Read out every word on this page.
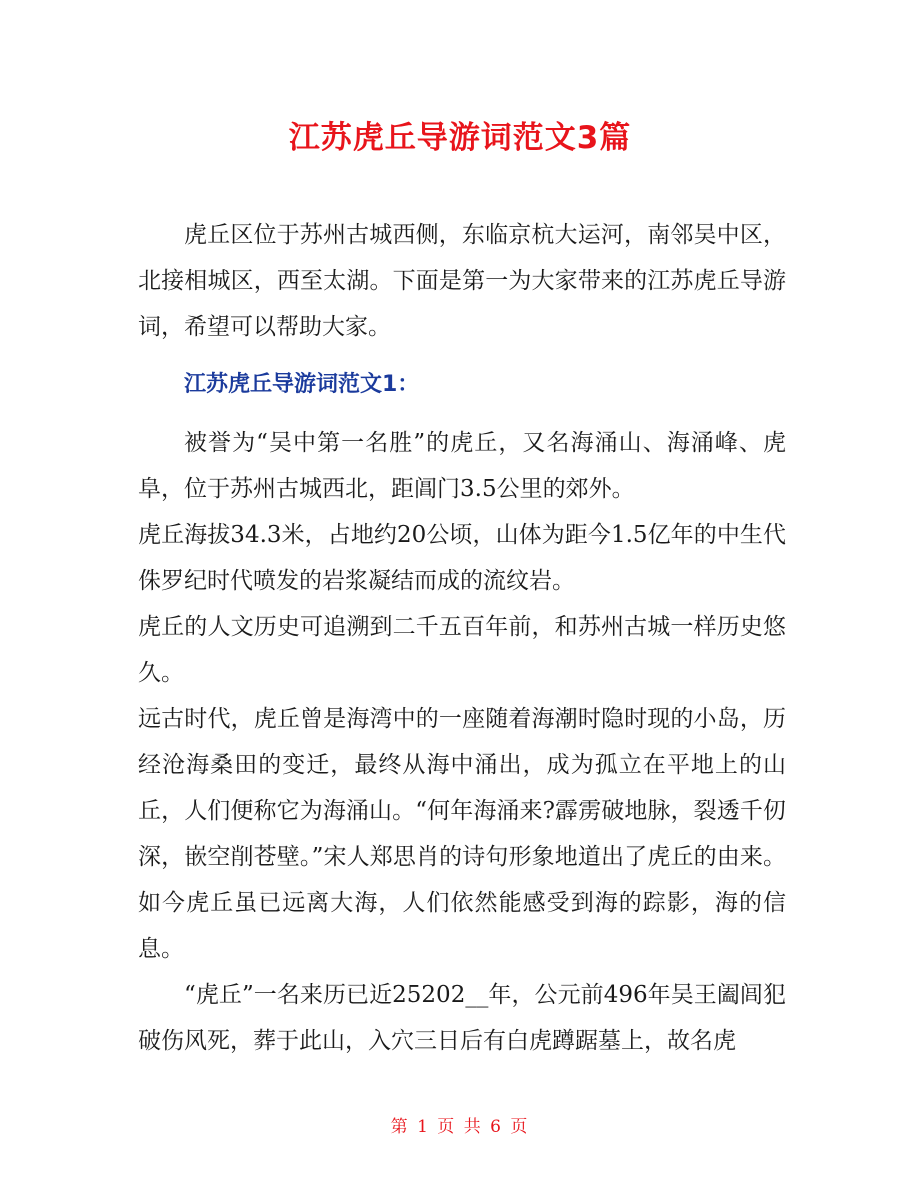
江苏虎丘导游词范文3篇

虎丘区位于苏州古城西侧，东临京杭大运河，南邻吴中区，北接相城区，西至太湖。下面是第一为大家带来的江苏虎丘导游词，希望可以帮助大家。

江苏虎丘导游词范文1：

被誉为“吴中第一名胜”的虎丘，又名海涌山、海涌峰、虎阜，位于苏州古城西北，距阊门3.5公里的郊外。

虎丘海拔34.3米，占地约20公顷，山体为距今1.5亿年的中生代侏罗纪时代喷发的岩浆凝结而成的流纹岩。

虎丘的人文历史可追溯到二千五百年前，和苏州古城一样历史悠久。

远古时代，虎丘曾是海湾中的一座随着海潮时隐时现的小岛，历经沧海桑田的变迁，最终从海中涌出，成为孤立在平地上的山丘，人们便称它为海涌山。“何年海涌来?霹雳破地脉，裂透千仞深，嵌空削苍壁。”宋人郑思肖的诗句形象地道出了虎丘的由来。如今虎丘虽已远离大海，人们依然能感受到海的踪影，海的信息。

“虎丘”一名来历已近25202__年，公元前496年吴王阖闾犯破伤风死，葬于此山，入穴三日后有白虎蹲踞墓上，故名虎

第 1 页 共 6 页
